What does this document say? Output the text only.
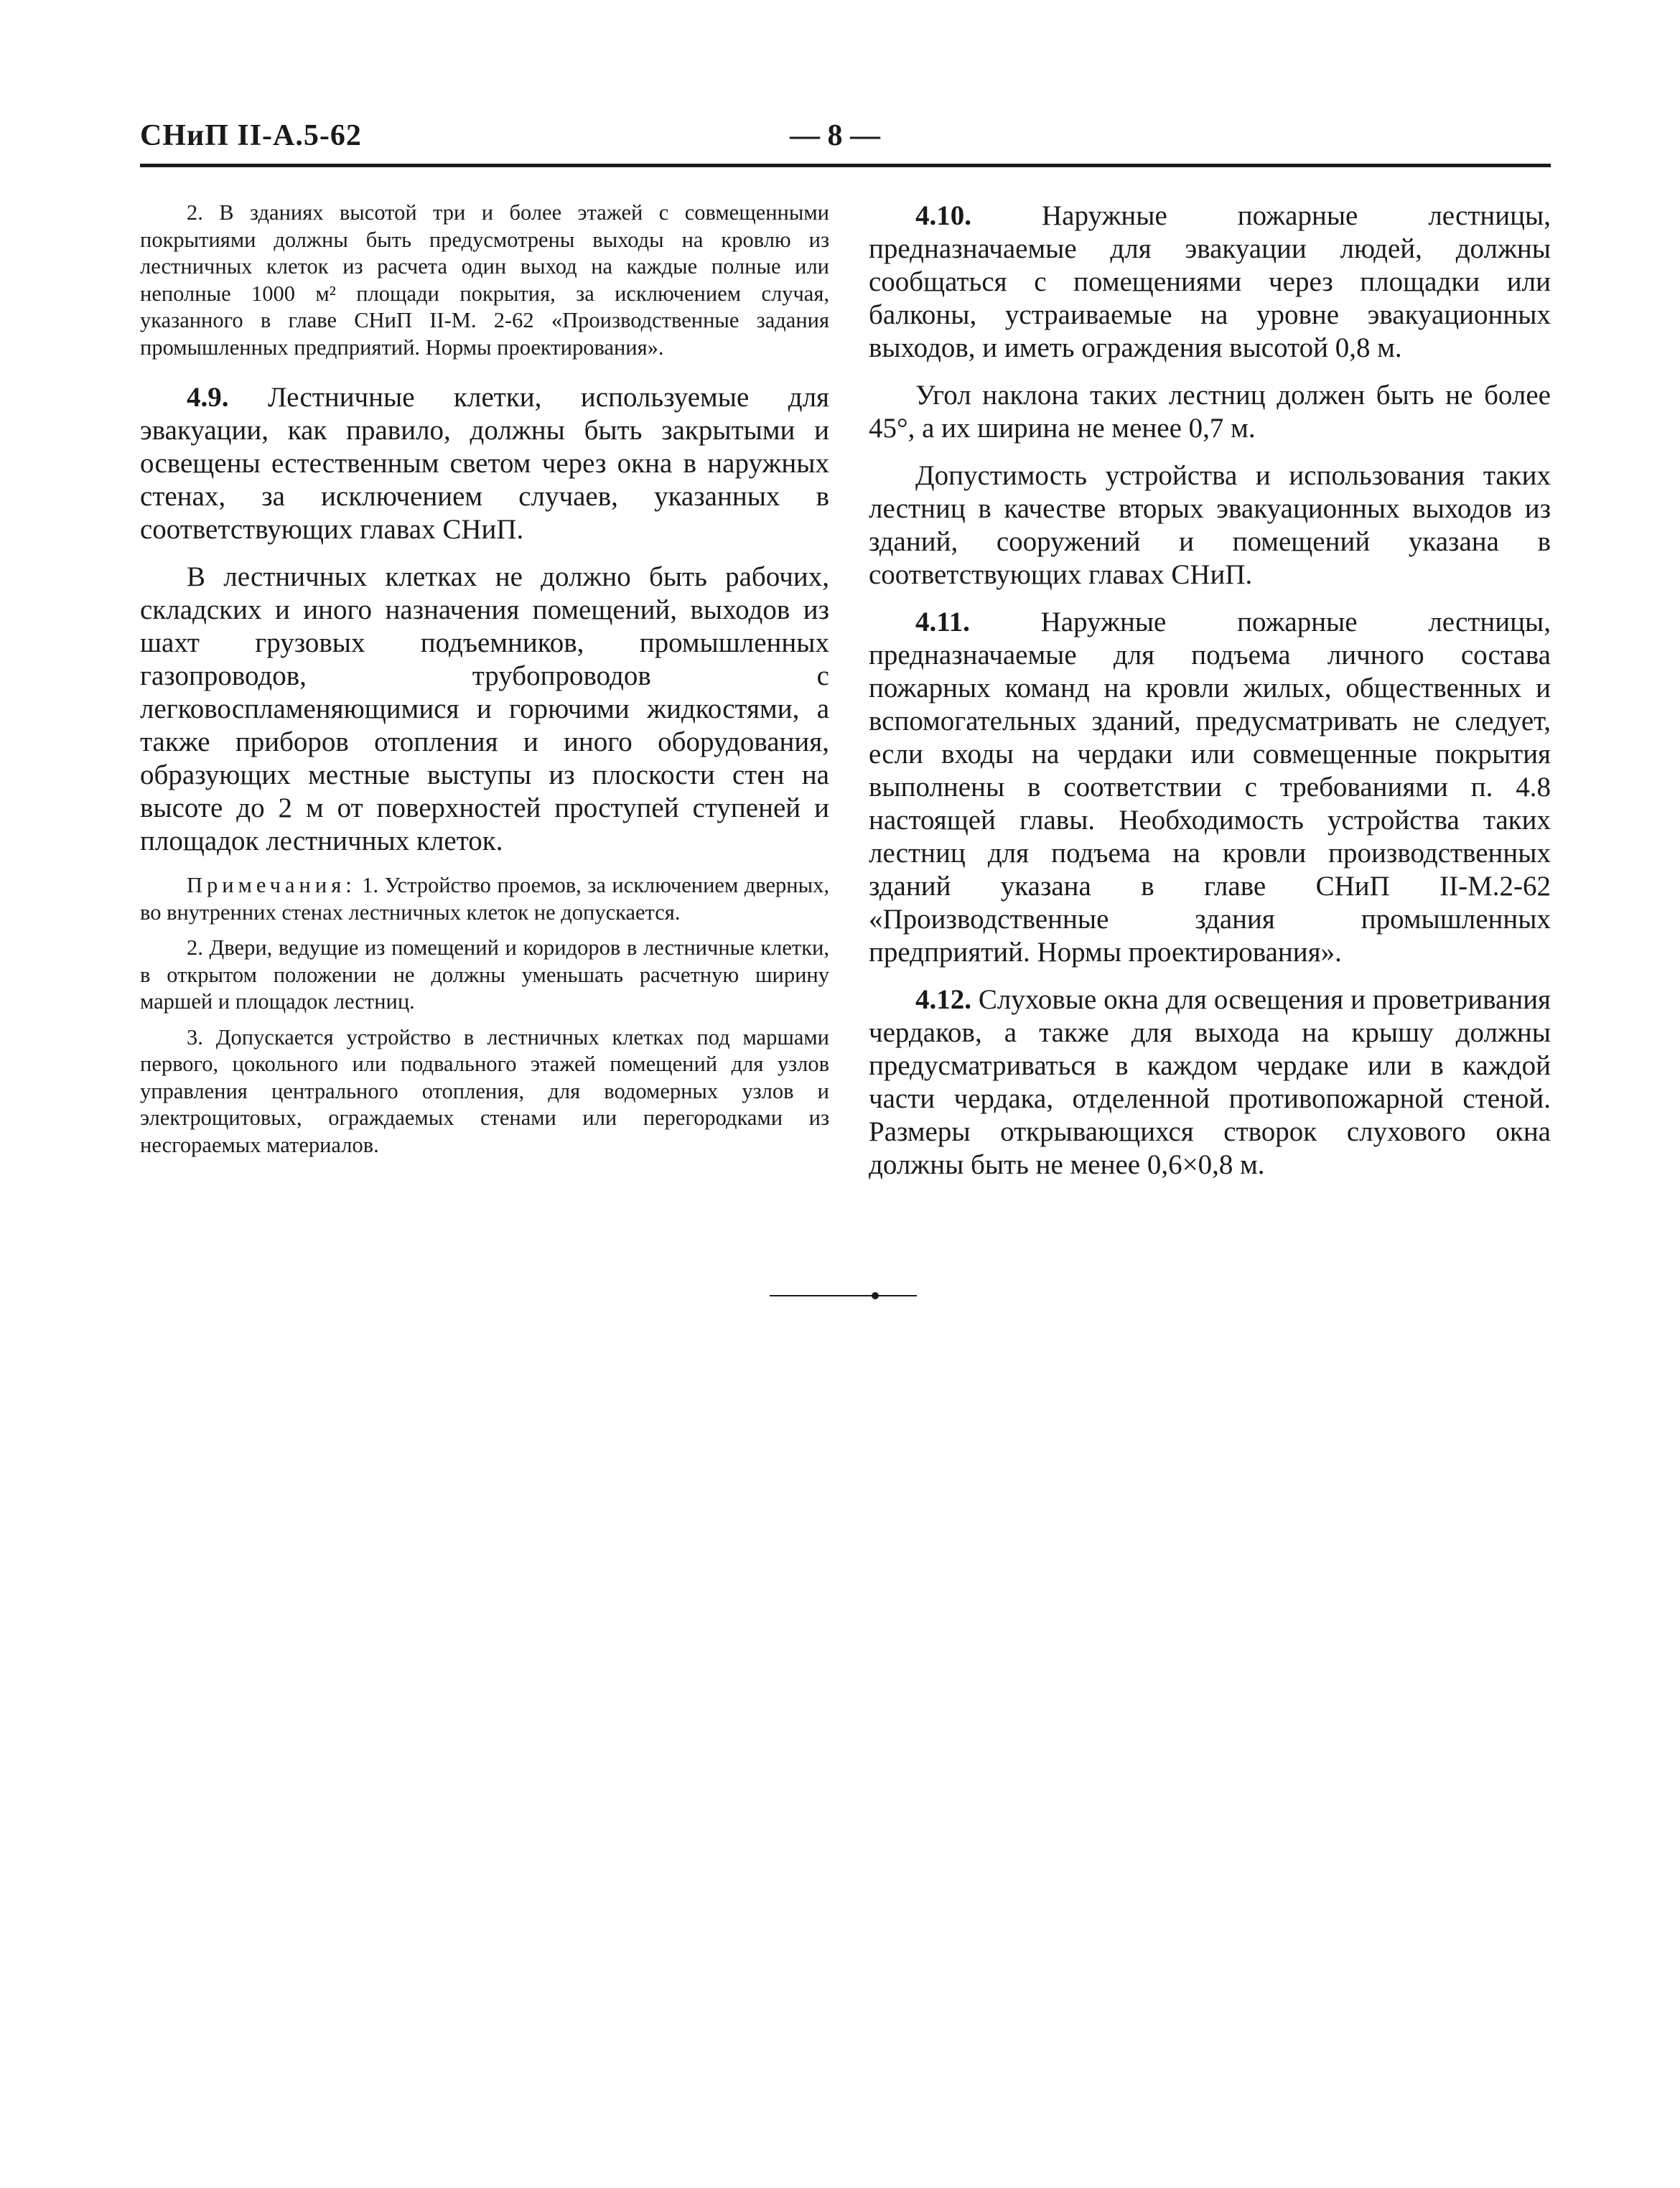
СНиП II-А.5-62	— 8 —

2. В зданиях высотой три и более этажей с совмещенными покрытиями должны быть предусмотрены выходы на кровлю из лестничных клеток из расчета один выход на каждые полные или неполные 1000 м² площади покрытия, за исключением случая, указанного в главе СНиП II-М. 2-62 «Производственные задания промышленных предприятий. Нормы проектирования».

4.9. Лестничные клетки, используемые для эвакуации, как правило, должны быть закрытыми и освещены естественным светом через окна в наружных стенах, за исключением случаев, указанных в соответствующих главах СНиП.

В лестничных клетках не должно быть рабочих, складских и иного назначения помещений, выходов из шахт грузовых подъемников, промышленных газопроводов, трубопроводов с легковоспламеняющимися и горючими жидкостями, а также приборов отопления и иного оборудования, образующих местные выступы из плоскости стен на высоте до 2 м от поверхностей проступей ступеней и площадок лестничных клеток.

Примечания: 1. Устройство проемов, за исключением дверных, во внутренних стенах лестничных клеток не допускается.

2. Двери, ведущие из помещений и коридоров в лестничные клетки, в открытом положении не должны уменьшать расчетную ширину маршей и площадок лестниц.

3. Допускается устройство в лестничных клетках под маршами первого, цокольного или подвального этажей помещений для узлов управления центрального отопления, для водомерных узлов и электрощитовых, ограждаемых стенами или перегородками из несгораемых материалов.

4.10. Наружные пожарные лестницы, предназначаемые для эвакуации людей, должны сообщаться с помещениями через площадки или балконы, устраиваемые на уровне эвакуационных выходов, и иметь ограждения высотой 0,8 м.

Угол наклона таких лестниц должен быть не более 45°, а их ширина не менее 0,7 м.

Допустимость устройства и использования таких лестниц в качестве вторых эвакуационных выходов из зданий, сооружений и помещений указана в соответствующих главах СНиП.

4.11. Наружные пожарные лестницы, предназначаемые для подъема личного состава пожарных команд на кровли жилых, общественных и вспомогательных зданий, предусматривать не следует, если входы на чердаки или совмещенные покрытия выполнены в соответствии с требованиями п. 4.8 настоящей главы. Необходимость устройства таких лестниц для подъема на кровли производственных зданий указана в главе СНиП II-М.2-62 «Производственные здания промышленных предприятий. Нормы проектирования».

4.12. Слуховые окна для освещения и проветривания чердаков, а также для выхода на крышу должны предусматриваться в каждом чердаке или в каждой части чердака, отделенной противопожарной стеной. Размеры открывающихся створок слухового окна должны быть не менее 0,6×0,8 м.
